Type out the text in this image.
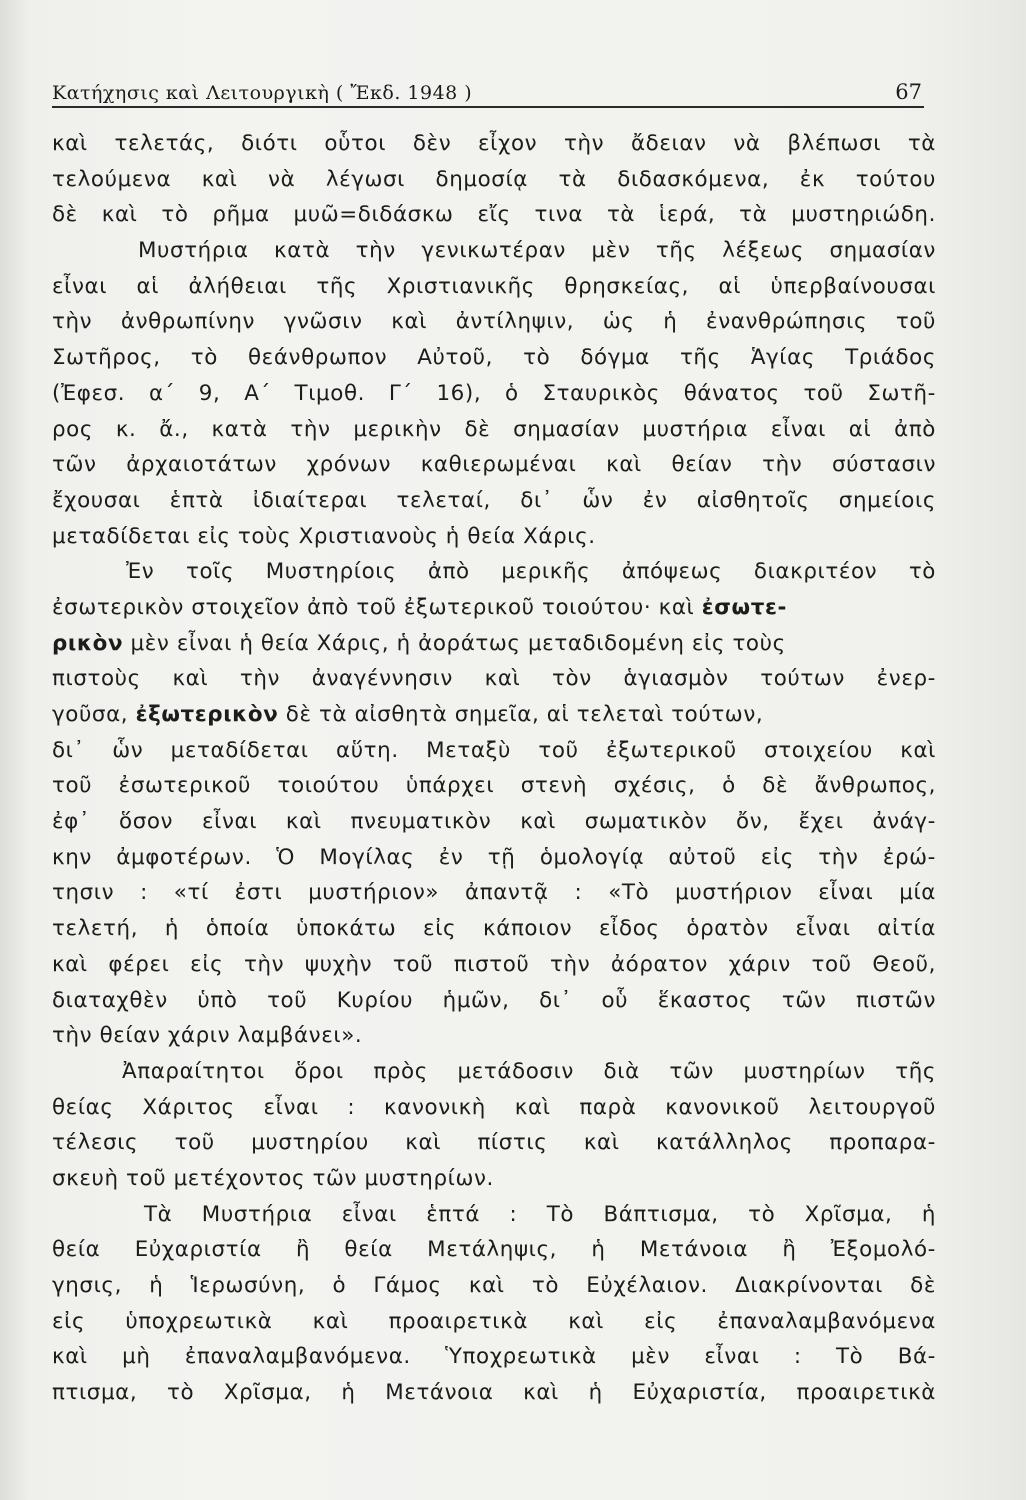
Κατήχησις καὶ Λειτουργικὴ ( Ἔκδ. 1948 )	67
καὶ τελετάς, διότι οὗτοι δὲν εἶχον τὴν ἄδειαν νὰ βλέπωσι τὰ
τελούμενα καὶ νὰ λέγωσι δημοσίᾳ τὰ διδασκόμενα, ἐκ τούτου
δὲ καὶ τὸ ρῆμα μυῶ=διδάσκω εἴς τινα τὰ ἱερά, τὰ μυστηριώδη.
Μυστήρια κατὰ τὴν γενικωτέραν μὲν τῆς λέξεως σημασίαν
εἶναι αἱ ἀλήθειαι τῆς Χριστιανικῆς θρησκείας, αἱ ὑπερβαίνουσαι
τὴν ἀνθρωπίνην γνῶσιν καὶ ἀντίληψιν, ὡς ἡ ἐνανθρώπησις τοῦ
Σωτῆρος, τὸ θεάνθρωπον Αὐτοῦ, τὸ δόγμα τῆς Ἁγίας Τριάδος
(Ἐφεσ. α´ 9, Α´ Τιμοθ. Γ´ 16), ὁ Σταυρικὸς θάνατος τοῦ Σωτῆ-
ρος κ. ἄ., κατὰ τὴν μερικὴν δὲ σημασίαν μυστήρια εἶναι αἱ ἀπὸ
τῶν ἀρχαιοτάτων χρόνων καθιερωμέναι καὶ θείαν τὴν σύστασιν
ἔχουσαι ἑπτὰ ἰδιαίτεραι τελεταί, δι᾽ ὧν ἐν αἰσθητοῖς σημείοις
μεταδίδεται εἰς τοὺς Χριστιανοὺς ἡ θεία Χάρις.
Ἐν τοῖς Μυστηρίοις ἀπὸ μερικῆς ἀπόψεως διακριτέον τὸ
ἐσωτερικὸν στοιχεῖον ἀπὸ τοῦ ἐξωτερικοῦ τοιούτου· καὶ ἐσωτε-
ρικὸν μὲν εἶναι ἡ θεία Χάρις, ἡ ἀοράτως μεταδιδομένη εἰς τοὺς
πιστοὺς καὶ τὴν ἀναγέννησιν καὶ τὸν ἁγιασμὸν τούτων ἐνερ-
γοῦσα, ἐξωτερικὸν δὲ τὰ αἰσθητὰ σημεῖα, αἱ τελεταὶ τούτων,
δι᾽ ὧν μεταδίδεται αὕτη. Μεταξὺ τοῦ ἐξωτερικοῦ στοιχείου καὶ
τοῦ ἐσωτερικοῦ τοιούτου ὑπάρχει στενὴ σχέσις, ὁ δὲ ἄνθρωπος,
ἐφ᾽ ὅσον εἶναι καὶ πνευματικὸν καὶ σωματικὸν ὄν, ἔχει ἀνάγ-
κην ἀμφοτέρων. Ὁ Μογίλας ἐν τῇ ὁμολογίᾳ αὐτοῦ εἰς τὴν ἐρώ-
τησιν : «τί ἐστι μυστήριον» ἀπαντᾷ : «Τὸ μυστήριον εἶναι μία
τελετή, ἡ ὁποία ὑποκάτω εἰς κάποιον εἶδος ὁρατὸν εἶναι αἰτία
καὶ φέρει εἰς τὴν ψυχὴν τοῦ πιστοῦ τὴν ἀόρατον χάριν τοῦ Θεοῦ,
διαταχθὲν ὑπὸ τοῦ Κυρίου ἡμῶν, δι᾽ οὗ ἕκαστος τῶν πιστῶν
τὴν θείαν χάριν λαμβάνει».
Ἀπαραίτητοι ὅροι πρὸς μετάδοσιν διὰ τῶν μυστηρίων τῆς
θείας Χάριτος εἶναι : κανονικὴ καὶ παρὰ κανονικοῦ λειτουργοῦ
τέλεσις τοῦ μυστηρίου καὶ πίστις καὶ κατάλληλος προπαρα-
σκευὴ τοῦ μετέχοντος τῶν μυστηρίων.
Τὰ Μυστήρια εἶναι ἑπτά : Τὸ Βάπτισμα, τὸ Χρῖσμα, ἡ
θεία Εὐχαριστία ἢ θεία Μετάληψις, ἡ Μετάνοια ἢ Ἐξομολό-
γησις, ἡ Ἱερωσύνη, ὁ Γάμος καὶ τὸ Εὐχέλαιον. Διακρίνονται δὲ
εἰς ὑποχρεωτικὰ καὶ προαιρετικὰ καὶ εἰς ἐπαναλαμβανόμενα
καὶ μὴ ἐπαναλαμβανόμενα. Ὑποχρεωτικὰ μὲν εἶναι : Τὸ Βά-
πτισμα, τὸ Χρῖσμα, ἡ Μετάνοια καὶ ἡ Εὐχαριστία, προαιρετικὰ
